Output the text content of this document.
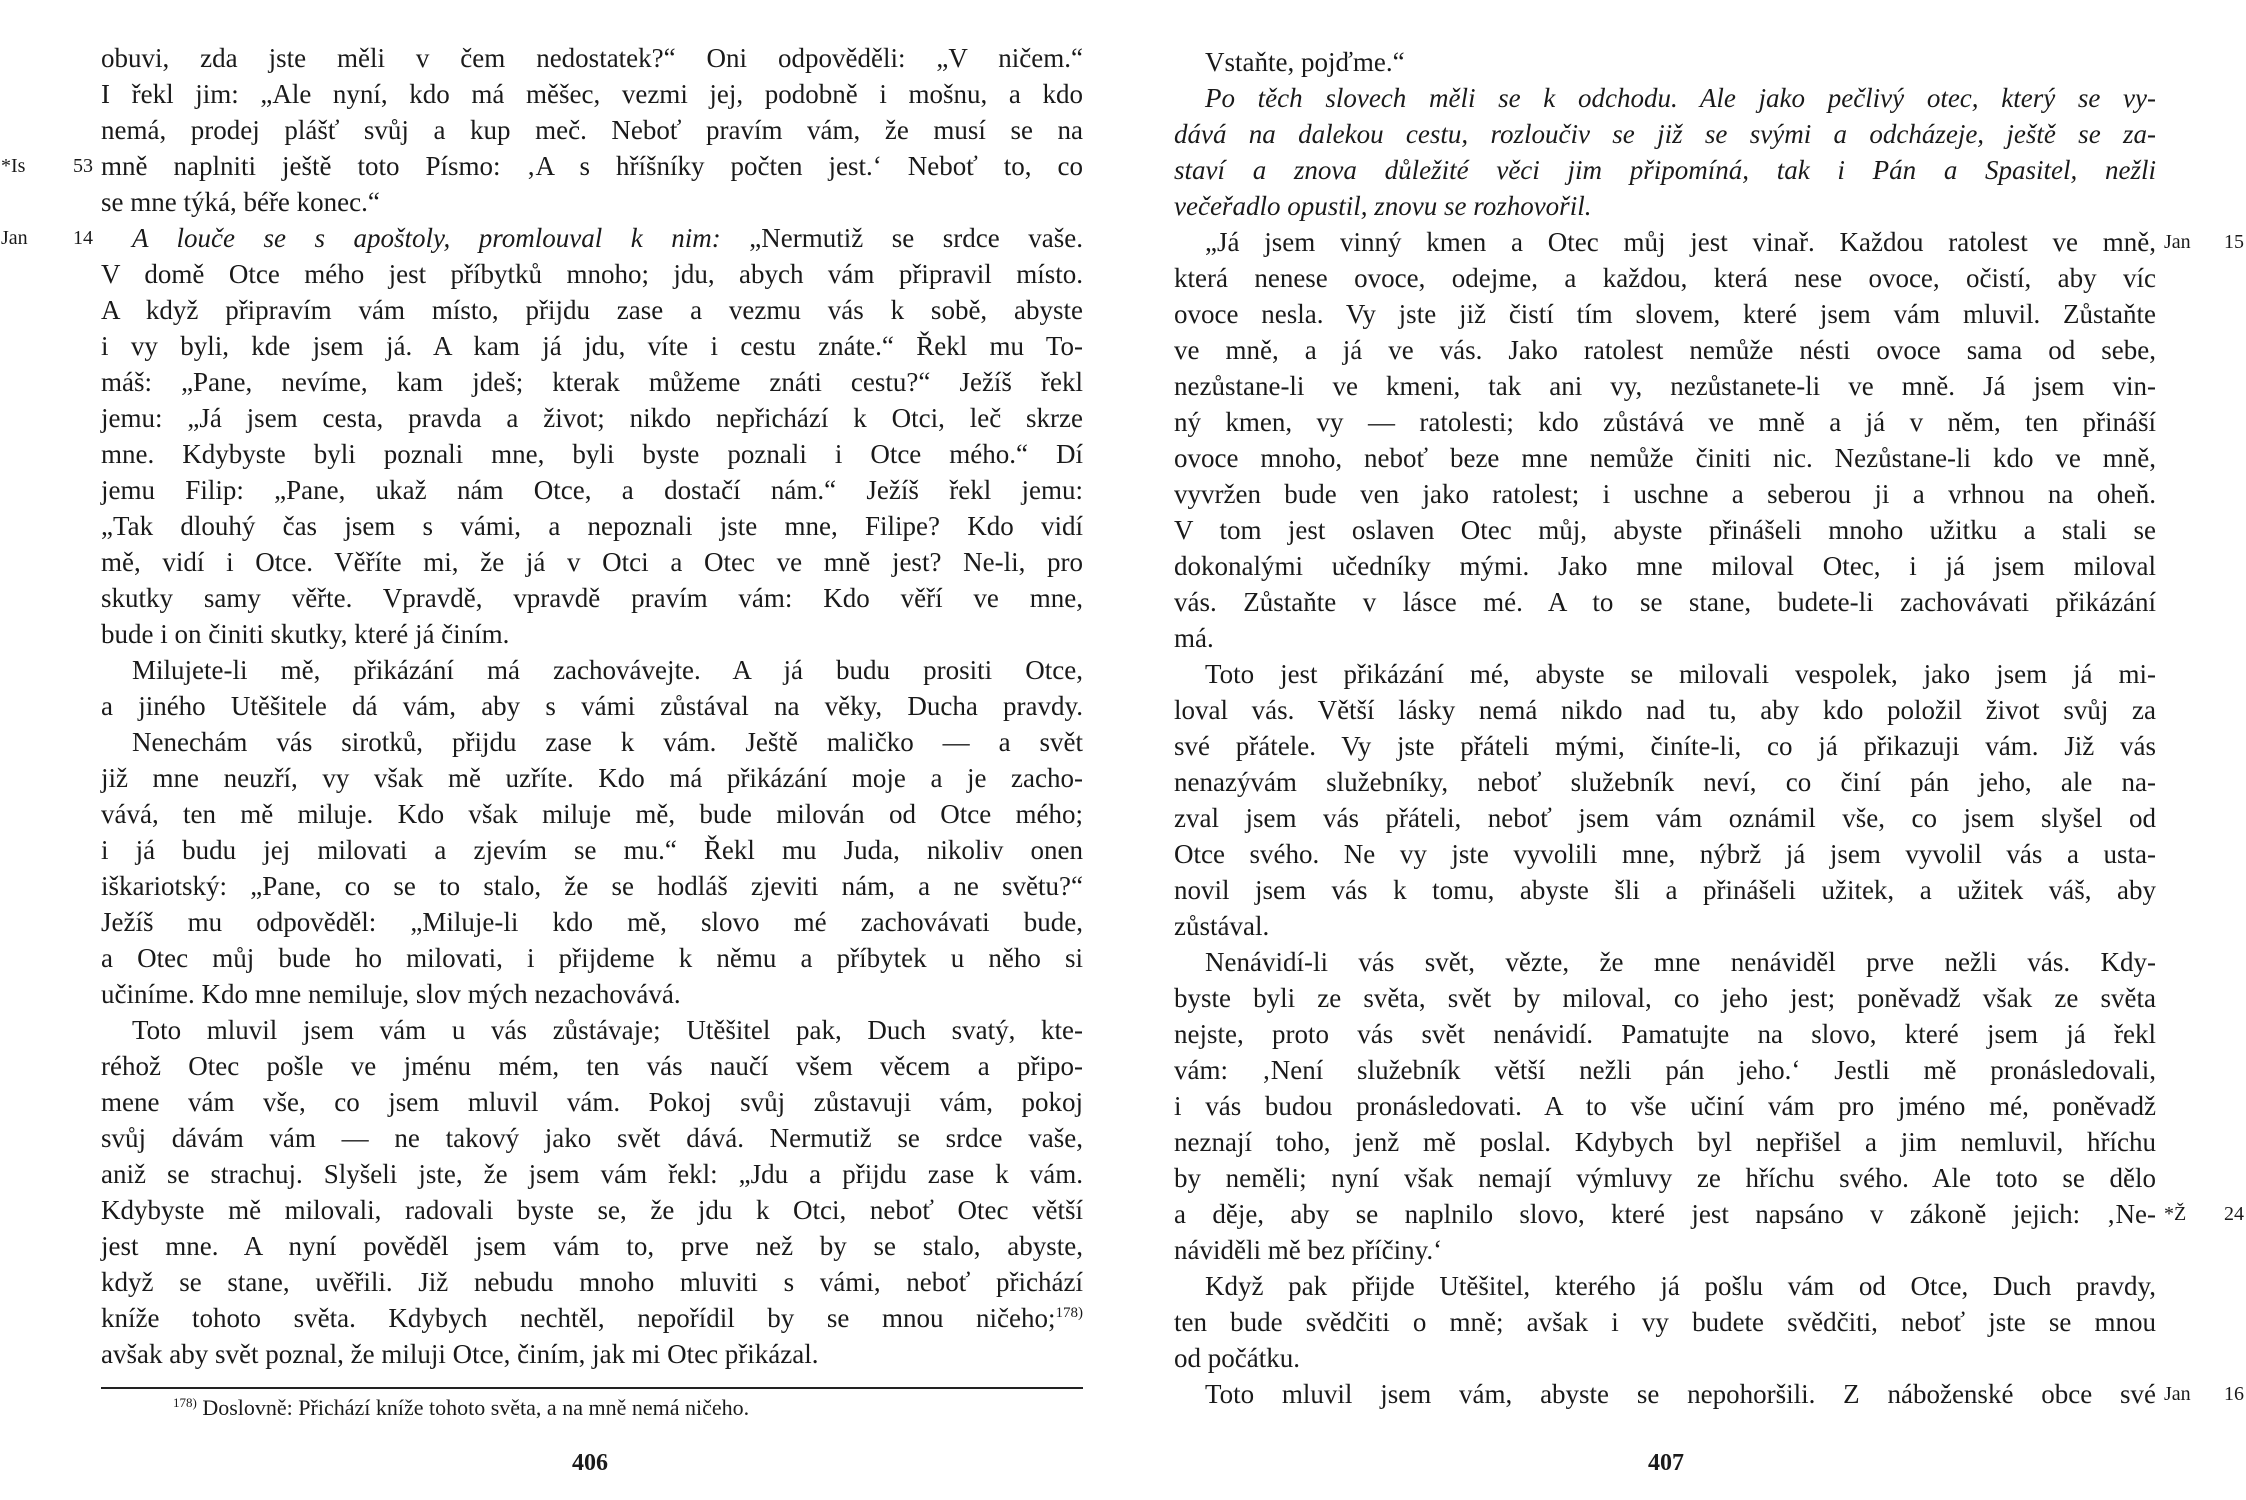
obuvi, zda jste měli v čem nedostatek?“ Oni odpověděli: „V ničem.“
I řekl jim: „Ale nyní, kdo má měšec, vezmi jej, podobně i mošnu, a kdo
nemá, prodej plášť svůj a kup meč. Neboť pravím vám, že musí se na
*Is 53 mně naplniti ještě toto Písmo: ‚A s hříšníky počten jest.‘ Neboť to, co
se mne týká, béře konec.“
Jan 14 A louče se s apoštoly, promlouval k nim: „Nermutiž se srdce vaše.
V domě Otce mého jest příbytků mnoho; jdu, abych vám připravil místo.
A když připravím vám místo, přijdu zase a vezmu vás k sobě, abyste
i vy byli, kde jsem já. A kam já jdu, víte i cestu znáte.“ Řekl mu To-
máš: „Pane, nevíme, kam jdeš; kterak můžeme znáti cestu?“ Ježíš řekl
jemu: „Já jsem cesta, pravda a život; nikdo nepřichází k Otci, leč skrze
mne. Kdybyste byli poznali mne, byli byste poznali i Otce mého.“ Dí
jemu Filip: „Pane, ukaž nám Otce, a dostačí nám.“ Ježíš řekl jemu:
„Tak dlouhý čas jsem s vámi, a nepoznali jste mne, Filipe? Kdo vidí
mě, vidí i Otce. Věříte mi, že já v Otci a Otec ve mně jest? Ne-li, pro
skutky samy věřte. Vpravdě, vpravdě pravím vám: Kdo věří ve mne,
bude i on činiti skutky, které já činím.
Milujete-li mě, přikázání má zachovávejte. A já budu prositi Otce,
a jiného Utěšitele dá vám, aby s vámi zůstával na věky, Ducha pravdy.
Nenechám vás sirotků, přijdu zase k vám. Ještě maličko — a svět
již mne neuzří, vy však mě uzříte. Kdo má přikázání moje a je zacho-
vává, ten mě miluje. Kdo však miluje mě, bude milován od Otce mého;
i já budu jej milovati a zjevím se mu.“ Řekl mu Juda, nikoliv onen
iškariotský: „Pane, co se to stalo, že se hodláš zjeviti nám, a ne světu?“
Ježíš mu odpověděl: „Miluje-li kdo mě, slovo mé zachovávati bude,
a Otec můj bude ho milovati, i přijdeme k němu a příbytek u něho si
učiníme. Kdo mne nemiluje, slov mých nezachovává.
Toto mluvil jsem vám u vás zůstávaje; Utěšitel pak, Duch svatý, kte-
réhož Otec pošle ve jménu mém, ten vás naučí všem věcem a připo-
mene vám vše, co jsem mluvil vám. Pokoj svůj zůstavuji vám, pokoj
svůj dávám vám — ne takový jako svět dává. Nermutiž se srdce vaše,
aniž se strachuj. Slyšeli jste, že jsem vám řekl: „Jdu a přijdu zase k vám.
Kdybyste mě milovali, radovali byste se, že jdu k Otci, neboť Otec větší
jest mne. A nyní pověděl jsem vám to, prve než by se stalo, abyste,
když se stane, uvěřili. Již nebudu mnoho mluviti s vámi, neboť přichází
kníže tohoto světa. Kdybych nechtěl, nepořídil by se mnou ničeho;$^{178)}$
avšak aby svět poznal, že miluji Otce, činím, jak mi Otec přikázal.
Vstaňte, pojďme.“
Po těch slovech měli se k odchodu. Ale jako pečlivý otec, který se vy-
dává na dalekou cestu, rozloučiv se již se svými a odcházeje, ještě se za-
staví a znova důležité věci jim připomíná, tak i Pán a Spasitel, nežli
večeřadlo opustil, znovu se rozhovořil.
Jan 15
„Já jsem vinný kmen a Otec můj jest vinař. Každou ratolest ve mně,
která nenese ovoce, odejme, a každou, která nese ovoce, očistí, aby víc
ovoce nesla. Vy jste již čistí tím slovem, které jsem vám mluvil. Zůstaňte
ve mně, a já ve vás. Jako ratolest nemůže nésti ovoce sama od sebe,
nezůstane-li ve kmeni, tak ani vy, nezůstanete-li ve mně. Já jsem vin-
ný kmen, vy — ratolesti; kdo zůstává ve mně a já v něm, ten přináší
ovoce mnoho, neboť beze mne nemůže činiti nic. Nezůstane-li kdo ve mně,
vyvržen bude ven jako ratolest; i uschne a seberou ji a vrhnou na oheň.
V tom jest oslaven Otec můj, abyste přinášeli mnoho užitku a stali se
dokonalými učedníky mými. Jako mne miloval Otec, i já jsem miloval
vás. Zůstaňte v lásce mé. A to se stane, budete-li zachovávati přikázání
má.
Toto jest přikázání mé, abyste se milovali vespolek, jako jsem já mi-
loval vás. Větší lásky nemá nikdo nad tu, aby kdo položil život svůj za
své přátele. Vy jste přáteli mými, činíte-li, co já přikazuji vám. Již vás
nenazývám služebníky, neboť služebník neví, co činí pán jeho, ale na-
zval jsem vás přáteli, neboť jsem vám oznámil vše, co jsem slyšel od
Otce svého. Ne vy jste vyvolili mne, nýbrž já jsem vyvolil vás a usta-
novil jsem vás k tomu, abyste šli a přinášeli užitek, a užitek váš, aby
zůstával.
Nenávidí-li vás svět, vězte, že mne nenáviděl prve nežli vás. Kdy-
byste byli ze světa, svět by miloval, co jeho jest; poněvadž však ze světa
nejste, proto vás svět nenávidí. Pamatujte na slovo, které jsem já řekl
vám: ‚Není služebník větší nežli pán jeho.‘ Jestli mě pronásledovali,
i vás budou pronásledovati. A to vše učiní vám pro jméno mé, poněvadž
neznají toho, jenž mě poslal. Kdybych byl nepřišel a jim nemluvil, hříchu
by neměli; nyní však nemají výmluvy ze hříchu svého. Ale toto se dělo
*Ž 24
a děje, aby se naplnilo slovo, které jest napsáno v zákoně jejich: ‚Ne-
náviděli mě bez příčiny.‘
Když pak přijde Utěšitel, kterého já pošlu vám od Otce, Duch pravdy,
ten bude svědčiti o mně; avšak i vy budete svědčiti, neboť jste se mnou
od počátku.
Jan 16
Toto mluvil jsem vám, abyste se nepohoršili. Z náboženské obce své
$^{178)}$ Doslovně: Přichází kníže tohoto světa, a na mně nemá ničeho.
406	407
